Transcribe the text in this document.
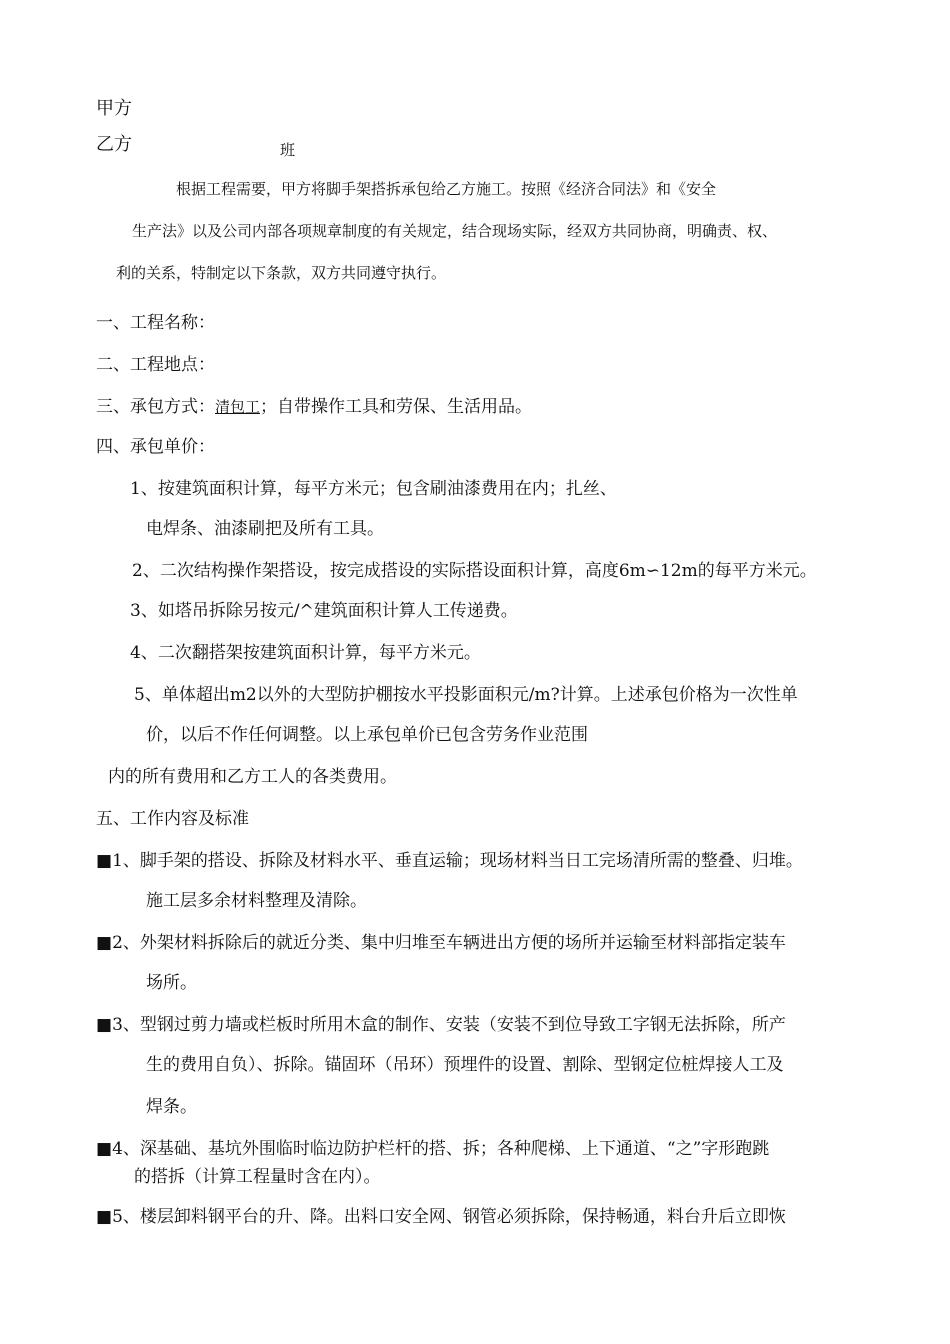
甲方
乙方	班
根据工程需要，甲方将脚手架搭拆承包给乙方施工。按照《经济合同法》和《安全
生产法》以及公司内部各项规章制度的有关规定，结合现场实际，经双方共同协商，明确责、权、
利的关系，特制定以下条款，双方共同遵守执行。
一、工程名称：
二、工程地点：
三、承包方式：清包工；自带操作工具和劳保、生活用品。
四、承包单价：
1、按建筑面积计算，每平方米元；包含刷油漆费用在内；扎丝、
电焊条、油漆刷把及所有工具。
2、二次结构操作架搭设，按完成搭设的实际搭设面积计算，高度6m∽12m的每平方米元。
3、如塔吊拆除另按元/^建筑面积计算人工传递费。
4、二次翻搭架按建筑面积计算，每平方米元。
5、单体超出m2以外的大型防护棚按水平投影面积元/m?计算。上述承包价格为一次性单
价，以后不作任何调整。以上承包单价已包含劳务作业范围
内的所有费用和乙方工人的各类费用。
五、工作内容及标准
■1、脚手架的搭设、拆除及材料水平、垂直运输；现场材料当日工完场清所需的整叠、归堆。
施工层多余材料整理及清除。
■2、外架材料拆除后的就近分类、集中归堆至车辆进出方便的场所并运输至材料部指定装车
场所。
■3、型钢过剪力墙或栏板时所用木盒的制作、安装（安装不到位导致工字钢无法拆除，所产
生的费用自负）、拆除。锚固环（吊环）预埋件的设置、割除、型钢定位桩焊接人工及
焊条。
■4、深基础、基坑外围临时临边防护栏杆的搭、拆；各种爬梯、上下通道、“之”字形跑跳
的搭拆（计算工程量时含在内）。
■5、楼层卸料钢平台的升、降。出料口安全网、钢管必须拆除，保持畅通，料台升后立即恢
